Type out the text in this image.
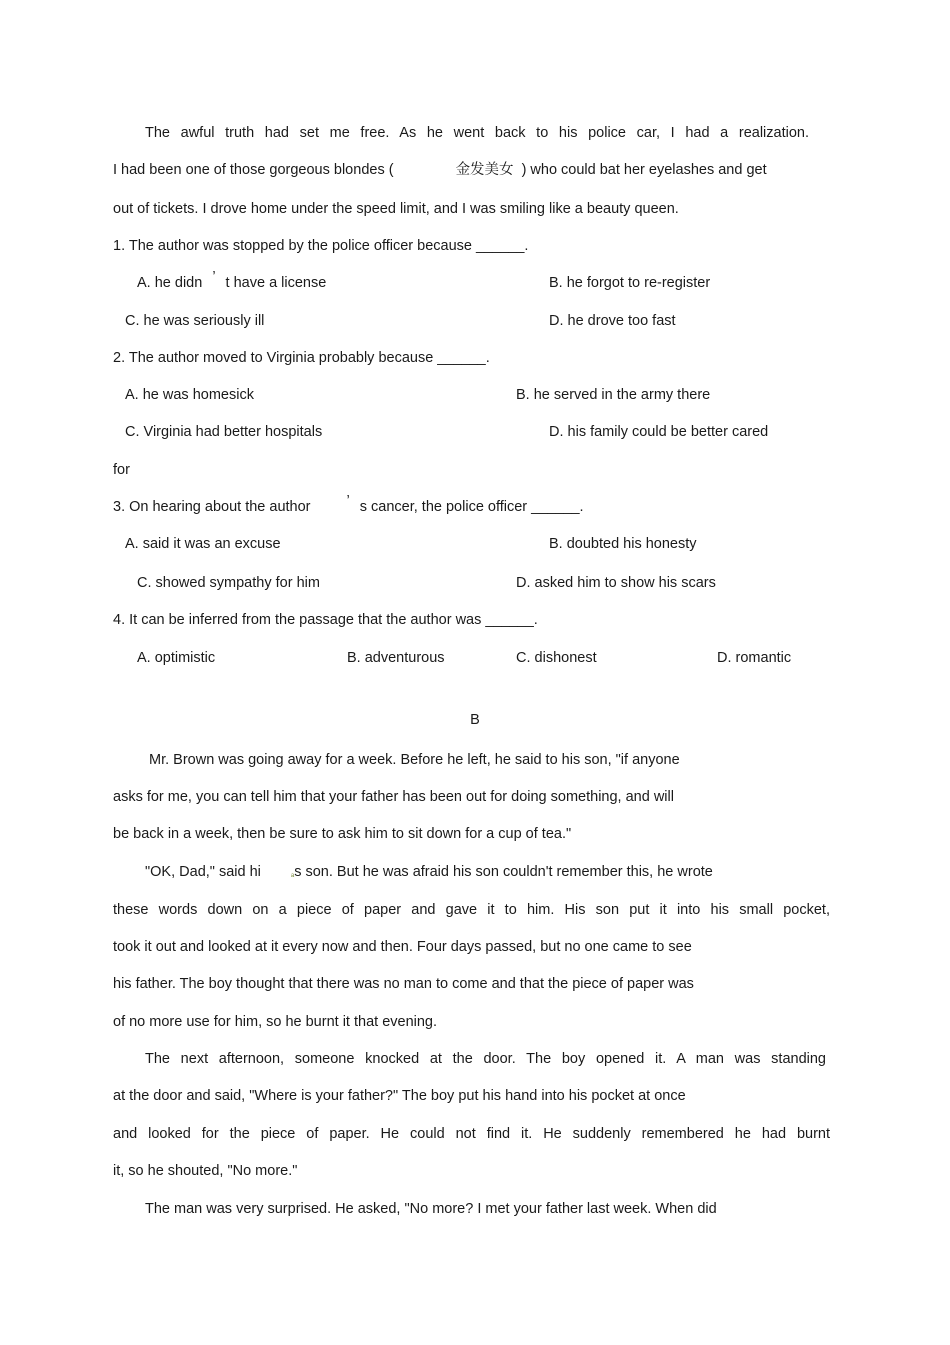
The awful truth had set me free. As he went back to his police car, I had a realization.
I had been one of those gorgeous blondes (	金发美女 ) who could bat her eyelashes and get
out of tickets. I drove home under the speed limit, and I was smiling like a beauty queen.
1. The author was stopped by the police officer because ______.
A. he didn ’ t have a license	B. he forgot to re-register
C. he was seriously ill	D. he drove too fast
2. The author moved to Virginia probably because ______.
A. he was homesick	B. he served in the army there
C. Virginia had better hospitals	D. his family could be better cared
for
3. On hearing about the author ’ s cancer, the police officer ______.
A. said it was an excuse	B. doubted his honesty
C. showed sympathy for him	D. asked him to show his scars
4. It can be inferred from the passage that the author was ______.
A. optimistic	B. adventurous	C. dishonest	D. romantic
B
Mr. Brown was going away for a week. Before he left, he said to his son, "if anyone
asks for me, you can tell him that your father has been out for doing something, and will
be back in a week, then be sure to ask him to sit down for a cup of tea."
"OK, Dad," said hi	as son. But he was afraid his son couldn't remember this, he wrote
these words down on a piece of paper and gave it to him. His son put it into his small pocket,
took it out and looked at it every now and then. Four days passed, but no one came to see
his father. The boy thought that there was no man to come and that the piece of paper was
of no more use for him, so he burnt it that evening.
The next afternoon, someone knocked at the door. The boy opened it. A man was standing
at the door and said, "Where is your father?" The boy put his hand into his pocket at once
and looked for the piece of paper. He could not find it. He suddenly remembered he had burnt
it, so he shouted, "No more."
The man was very surprised. He asked, "No more? I met your father last week. When did
